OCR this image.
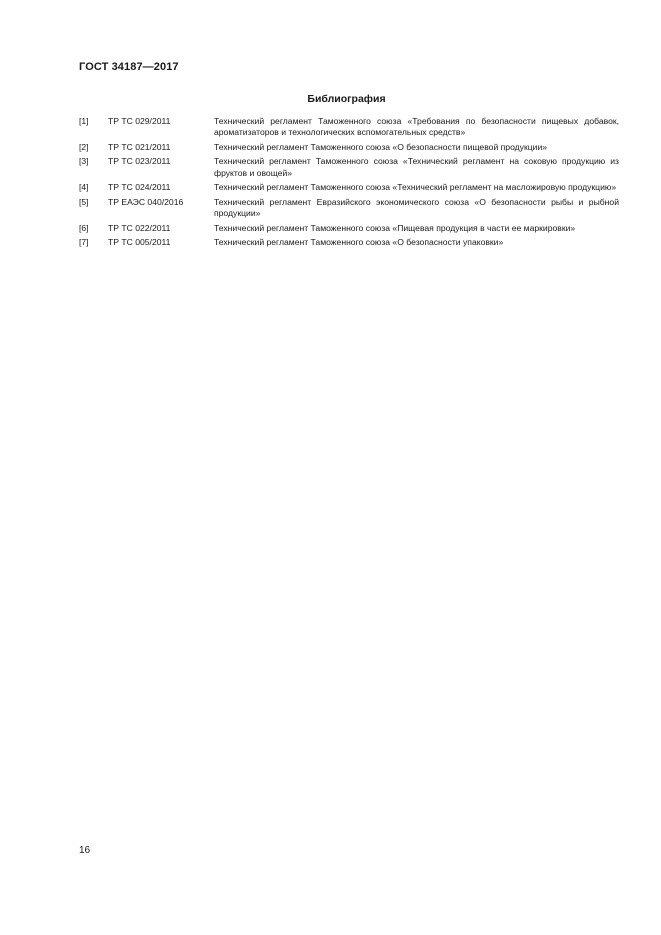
ГОСТ 34187—2017
Библиография
[1]	ТР ТС 029/2011	Технический регламент Таможенного союза «Требования по безопасности пищевых добавок, ароматизаторов и технологических вспомогательных средств»
[2]	ТР ТС 021/2011	Технический регламент Таможенного союза «О безопасности пищевой продукции»
[3]	ТР ТС 023/2011	Технический регламент Таможенного союза «Технический регламент на соковую продукцию из фруктов и овощей»
[4]	ТР ТС 024/2011	Технический регламент Таможенного союза «Технический регламент на масложировую продукцию»
[5]	ТР ЕАЭС 040/2016	Технический регламент Евразийского экономического союза «О безопасности рыбы и рыбной продукции»
[6]	ТР ТС 022/2011	Технический регламент Таможенного союза «Пищевая продукция в части ее маркировки»
[7]	ТР ТС 005/2011	Технический регламент Таможенного союза «О безопасности упаковки»
16
